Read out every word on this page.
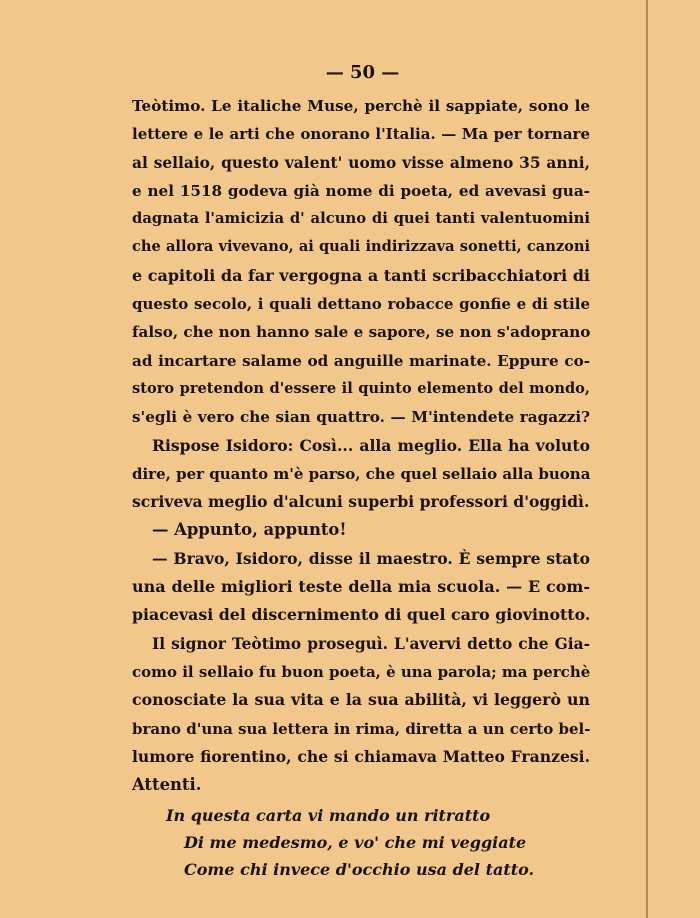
— 50 —
Teòtimo. Le italiche Muse, perchè il sappiate, sono le
lettere e le arti che onorano l'Italia. — Ma per tornare
al sellaio, questo valent' uomo visse almeno 35 anni,
e nel 1518 godeva già nome di poeta, ed avevasi gua-
dagnata l'amicizia d' alcuno di quei tanti valentuomini
che allora vivevano, ai quali indirizzava sonetti, canzoni
e capitoli da far vergogna a tanti scribacchiatori di
questo secolo, i quali dettano robacce gonfie e di stile
falso, che non hanno sale e sapore, se non s'adoprano
ad incartare salame od anguille marinate. Eppure co-
storo pretendon d'essere il quinto elemento del mondo,
s'egli è vero che sian quattro. — M'intendete ragazzi?
Rispose Isidoro: Così... alla meglio. Ella ha voluto
dire, per quanto m'è parso, che quel sellaio alla buona
scriveva meglio d'alcuni superbi professori d'oggidì.
— Appunto, appunto!
— Bravo, Isidoro, disse il maestro. È sempre stato
una delle migliori teste della mia scuola. — E com-
piacevasi del discernimento di quel caro giovinotto.
Il signor Teòtimo proseguì. L'avervi detto che Gia-
como il sellaio fu buon poeta, è una parola; ma perchè
conosciate la sua vita e la sua abilità, vi leggerò un
brano d'una sua lettera in rima, diretta a un certo bel-
lumore fiorentino, che si chiamava Matteo Franzesi.
Attenti.
In questa carta vi mando un ritratto
Di me medesmo, e vo' che mi veggiate
Come chi invece d'occhio usa del tatto.
